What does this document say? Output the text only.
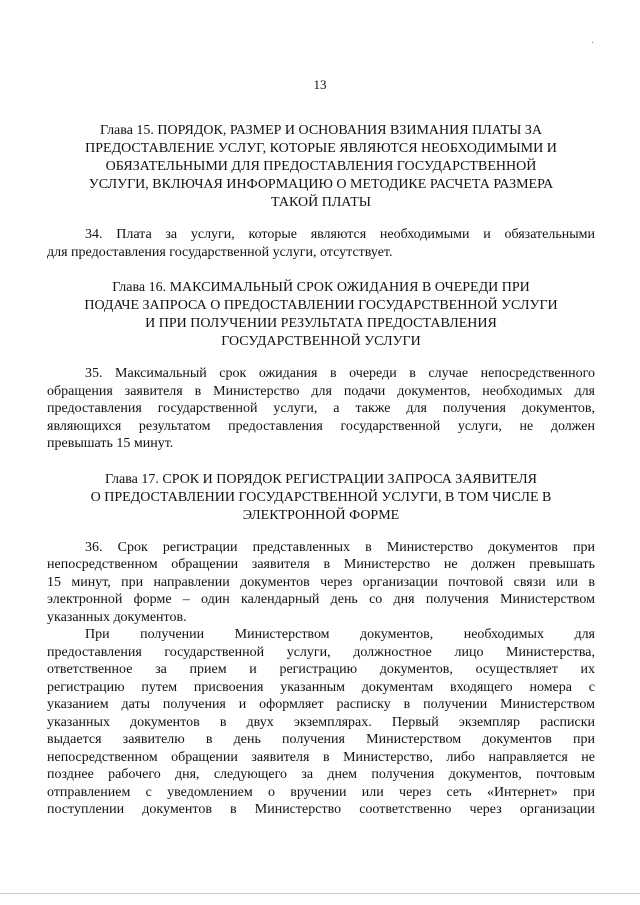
13
Глава 15. ПОРЯДОК, РАЗМЕР И ОСНОВАНИЯ ВЗИМАНИЯ ПЛАТЫ ЗА
ПРЕДОСТАВЛЕНИЕ УСЛУГ, КОТОРЫЕ ЯВЛЯЮТСЯ НЕОБХОДИМЫМИ И
ОБЯЗАТЕЛЬНЫМИ ДЛЯ ПРЕДОСТАВЛЕНИЯ ГОСУДАРСТВЕННОЙ
УСЛУГИ, ВКЛЮЧАЯ ИНФОРМАЦИЮ О МЕТОДИКЕ РАСЧЕТА РАЗМЕРА
ТАКОЙ ПЛАТЫ

34. Плата за услуги, которые являются необходимыми и обязательными
для предоставления государственной услуги, отсутствует.

Глава 16. МАКСИМАЛЬНЫЙ СРОК ОЖИДАНИЯ В ОЧЕРЕДИ ПРИ
ПОДАЧЕ ЗАПРОСА О ПРЕДОСТАВЛЕНИИ ГОСУДАРСТВЕННОЙ УСЛУГИ
И ПРИ ПОЛУЧЕНИИ РЕЗУЛЬТАТА ПРЕДОСТАВЛЕНИЯ
ГОСУДАРСТВЕННОЙ УСЛУГИ

35. Максимальный срок ожидания в очереди в случае непосредственного
обращения заявителя в Министерство для подачи документов, необходимых для
предоставления государственной услуги, а также для получения документов,
являющихся результатом предоставления государственной услуги, не должен
превышать 15 минут.

Глава 17. СРОК И ПОРЯДОК РЕГИСТРАЦИИ ЗАПРОСА ЗАЯВИТЕЛЯ
О ПРЕДОСТАВЛЕНИИ ГОСУДАРСТВЕННОЙ УСЛУГИ, В ТОМ ЧИСЛЕ В
ЭЛЕКТРОННОЙ ФОРМЕ

36. Срок регистрации представленных в Министерство документов при
непосредственном обращении заявителя в Министерство не должен превышать
15 минут, при направлении документов через организации почтовой связи или в
электронной форме – один календарный день со дня получения Министерством
указанных документов.

При получении Министерством документов, необходимых для
предоставления государственной услуги, должностное лицо Министерства,
ответственное за прием и регистрацию документов, осуществляет их
регистрацию путем присвоения указанным документам входящего номера с
указанием даты получения и оформляет расписку в получении Министерством
указанных документов в двух экземплярах. Первый экземпляр расписки
выдается заявителю в день получения Министерством документов при
непосредственном обращении заявителя в Министерство, либо направляется не
позднее рабочего дня, следующего за днем получения документов, почтовым
отправлением с уведомлением о вручении или через сеть «Интернет» при
поступлении документов в Министерство соответственно через организации
